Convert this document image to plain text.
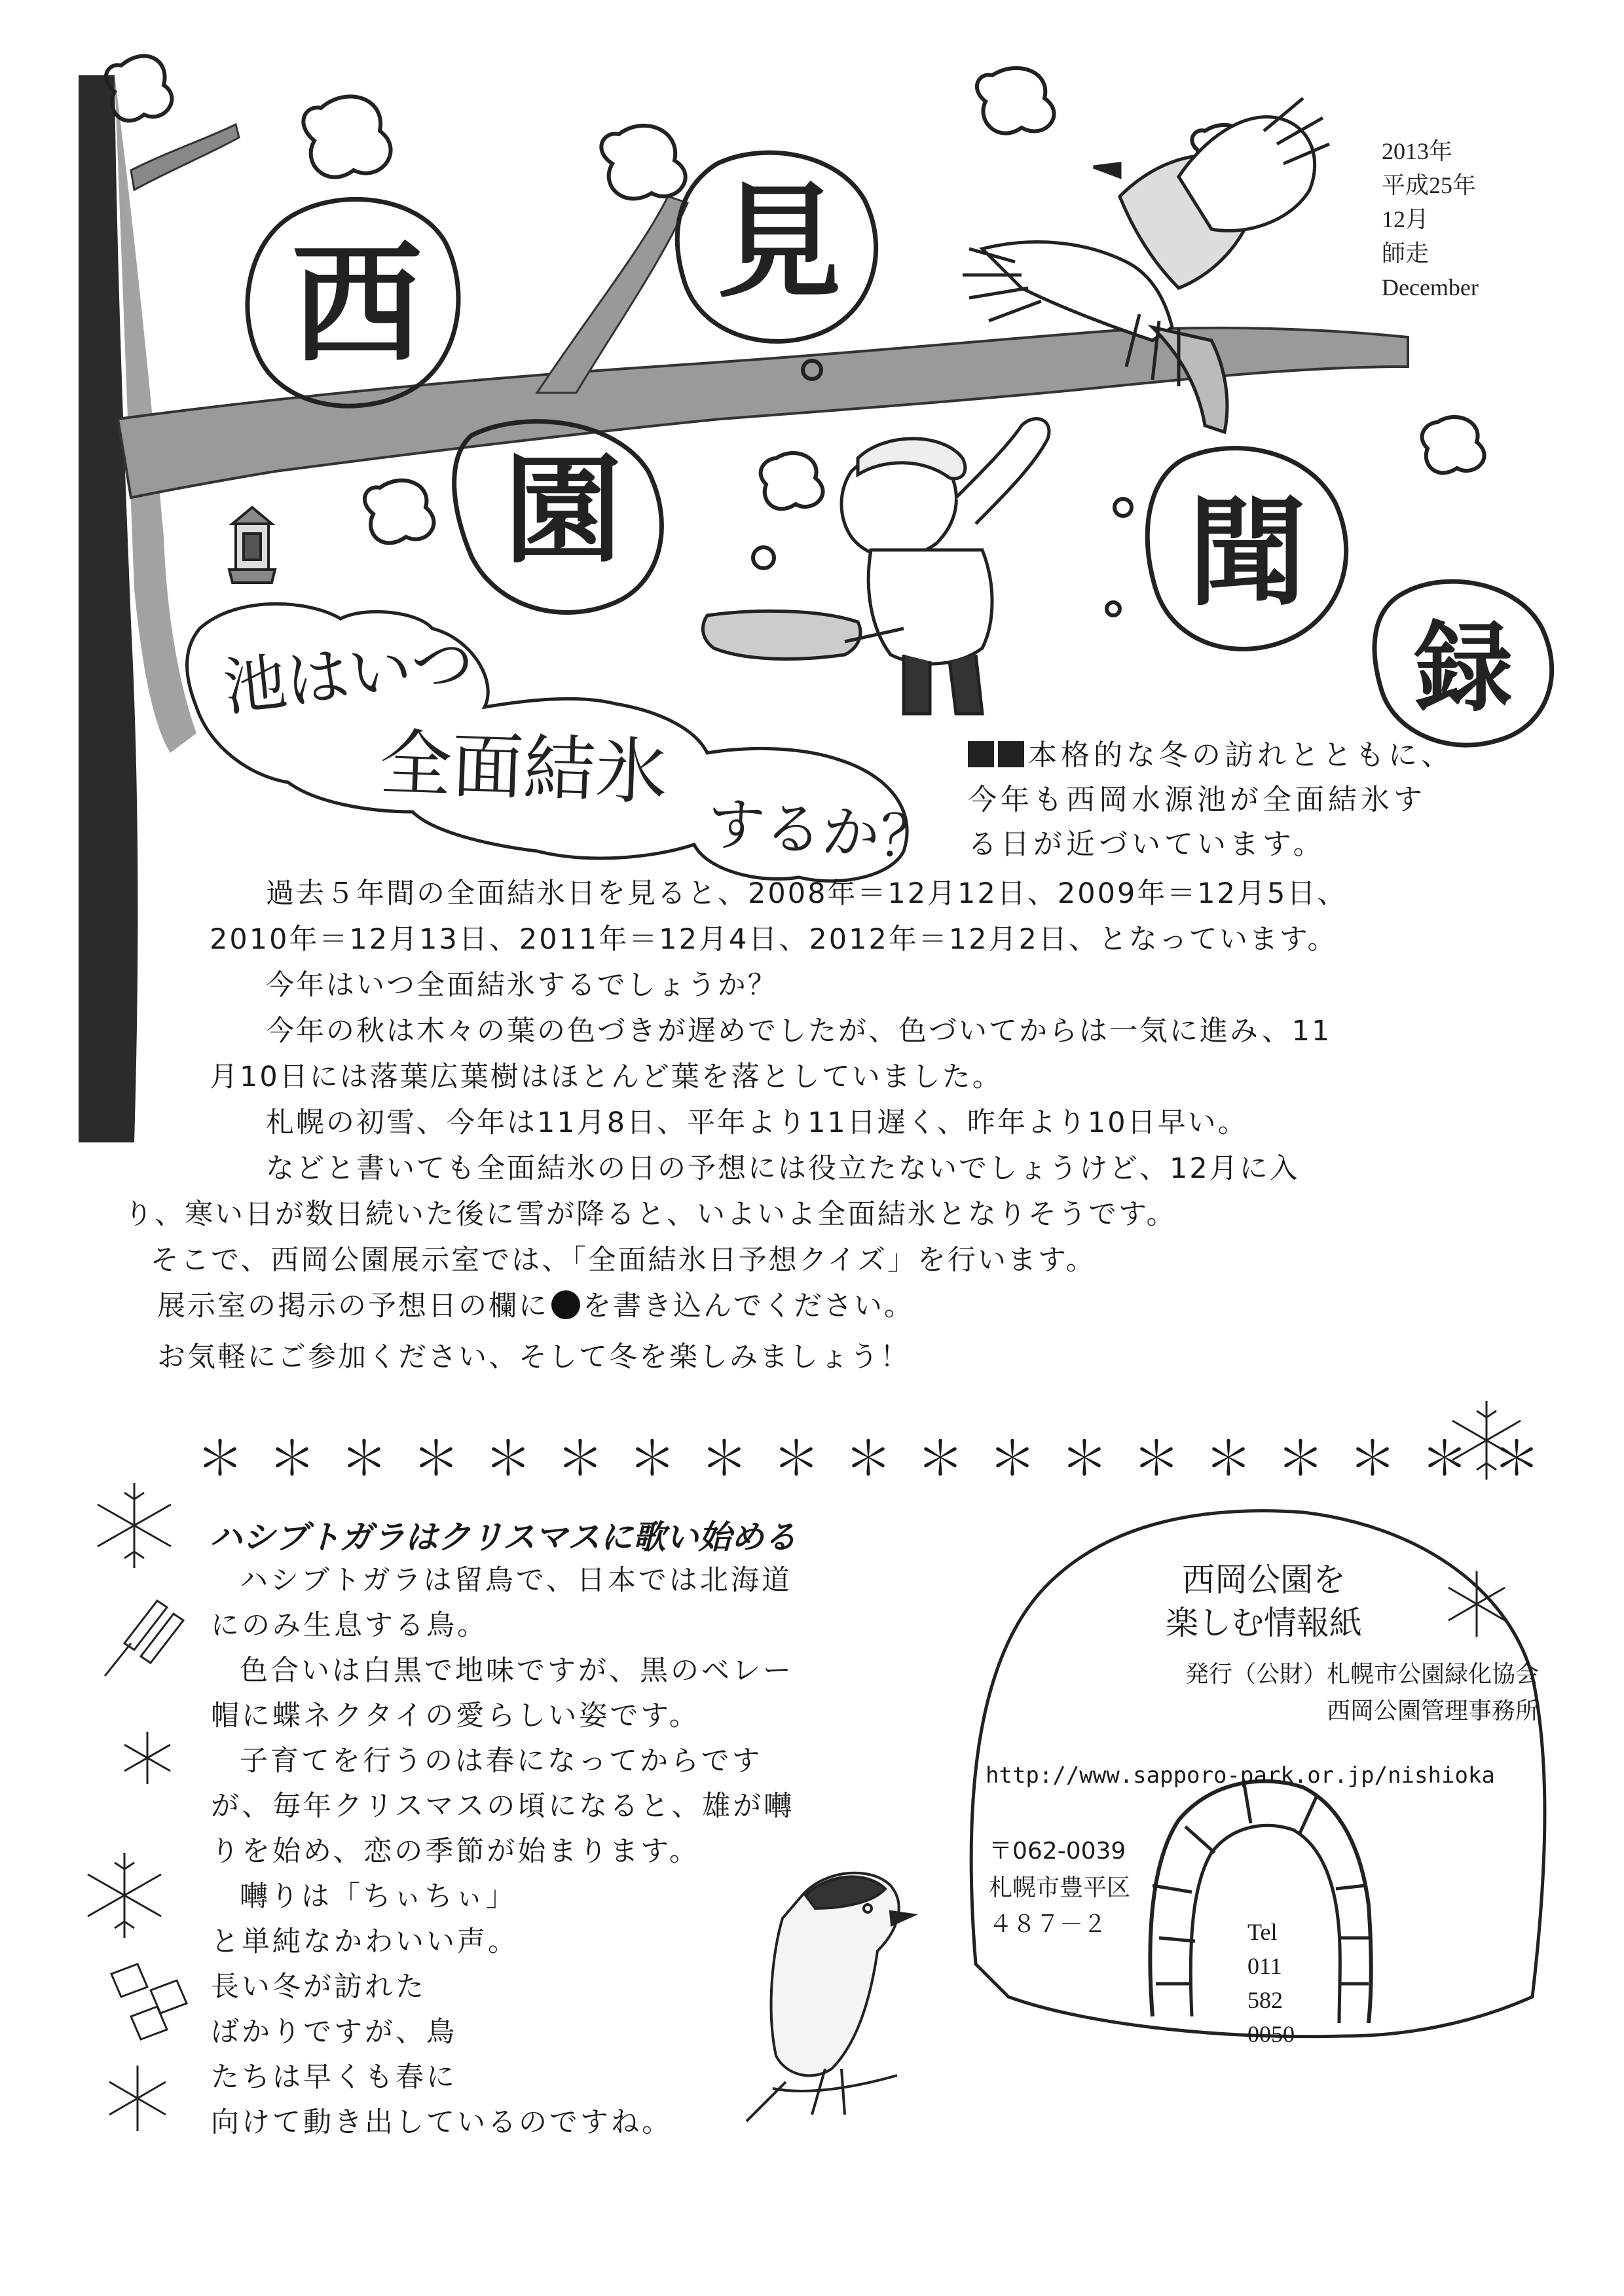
西 見
園	聞
録
2013年
平成25年
12月
師走
December
池はいつ
全面結氷
するか？
本格的な冬の訪れとともに、
今年も西岡水源池が全面結氷す
る日が近づいています。
過去５年間の全面結氷日を見ると、2008年＝12月12日、2009年＝12月5日、
2010年＝12月13日、2011年＝12月4日、2012年＝12月2日、となっています。
今年はいつ全面結氷するでしょうか？
今年の秋は木々の葉の色づきが遅めでしたが、色づいてからは一気に進み、11
月10日には落葉広葉樹はほとんど葉を落としていました。
札幌の初雪、今年は11月8日、平年より11日遅く、昨年より10日早い。
などと書いても全面結氷の日の予想には役立たないでしょうけど、12月に入
り、寒い日が数日続いた後に雪が降ると、いよいよ全面結氷となりそうです。
そこで、西岡公園展示室では、「全面結氷日予想クイズ」を行います。
展示室の掲示の予想日の欄に を書き込んでください。
お気軽にご参加ください、そして冬を楽しみましょう！
＊＊＊＊＊＊＊＊＊＊＊＊＊＊＊＊＊＊＊
ハシブトガラはクリスマスに歌い始める
ハシブトガラは留鳥で、日本では北海道
にのみ生息する鳥。
色合いは白黒で地味ですが、黒のベレー
帽に蝶ネクタイの愛らしい姿です。
子育てを行うのは春になってからです
が、毎年クリスマスの頃になると、雄が囀
りを始め、恋の季節が始まります。
囀りは「ちぃちぃ」
と単純なかわいい声。
長い冬が訪れた
ばかりですが、鳥
たちは早くも春に
向けて動き出しているのですね。
西岡公園を
楽しむ情報紙
発行（公財）札幌市公園緑化協会
西岡公園管理事務所
http://www.sapporo-park.or.jp/nishioka
〒062-0039
札幌市豊平区
４８７－２	Tel
011
582
0050
